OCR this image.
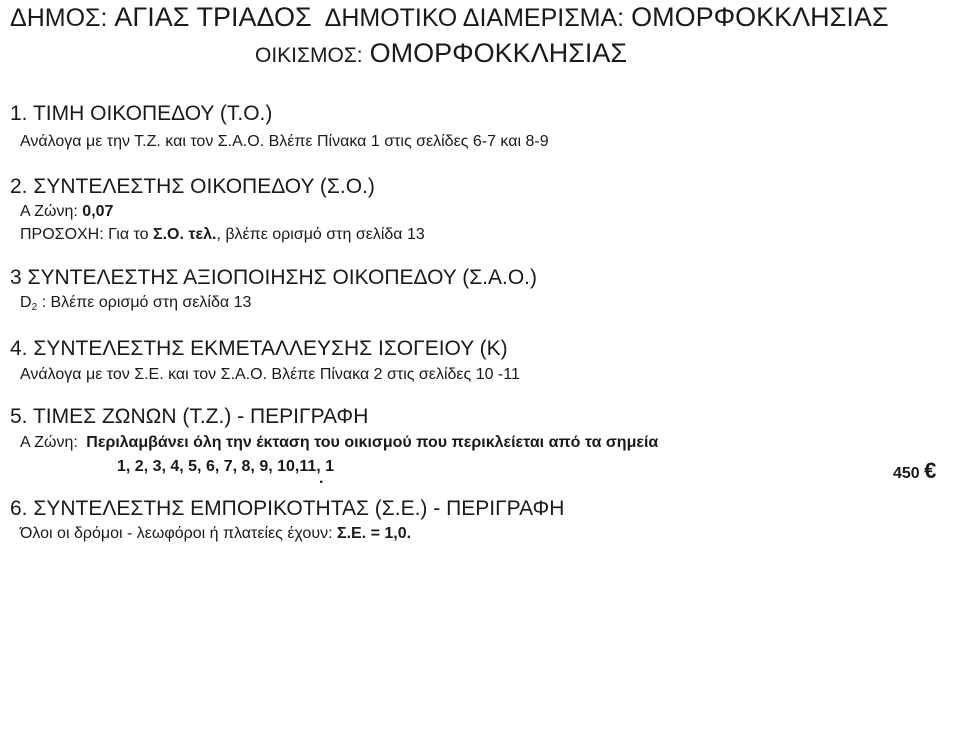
ΔΗΜΟΣ: ΑΓΙΑΣ ΤΡΙΑΔΟΣ ΔΗΜΟΤΙΚΟ ΔΙΑΜΕΡΙΣΜΑ: ΟΜΟΡΦΟΚΚΛΗΣΙΑΣ
ΟΙΚΙΣΜΟΣ: ΟΜΟΡΦΟΚΚΛΗΣΙΑΣ
1. ΤΙΜΗ ΟΙΚΟΠΕΔΟΥ (Τ.Ο.)
Ανάλογα με την Τ.Ζ. και τον Σ.Α.Ο. Βλέπε Πίνακα 1 στις σελίδες 6-7 και 8-9
2. ΣΥΝΤΕΛΕΣΤΗΣ ΟΙΚΟΠΕΔΟΥ (Σ.Ο.)
Α Ζώνη: 0,07
ΠΡΟΣΟΧΗ: Για το Σ.Ο. τελ., βλέπε ορισμό στη σελίδα 13
3 ΣΥΝΤΕΛΕΣΤΗΣ ΑΞΙΟΠΟΙΗΣΗΣ ΟΙΚΟΠΕΔΟΥ (Σ.Α.Ο.)
$D_2$ : Βλέπε ορισμό στη σελίδα 13
4. ΣΥΝΤΕΛΕΣΤΗΣ ΕΚΜΕΤΑΛΛΕΥΣΗΣ ΙΣΟΓΕΙΟΥ (Κ)
Ανάλογα με τον Σ.Ε. και τον Σ.Α.Ο. Βλέπε Πίνακα 2 στις σελίδες 10 -11
5. ΤΙΜΕΣ ΖΩΝΩΝ (Τ.Ζ.) - ΠΕΡΙΓΡΑΦΗ
Α Ζώνη: Περιλαμβάνει όλη την έκταση του οικισμού που περικλείεται από τα σημεία
1, 2, 3, 4, 5, 6, 7, 8, 9, 10,11, 1	450 €
.
6. ΣΥΝΤΕΛΕΣΤΗΣ ΕΜΠΟΡΙΚΟΤΗΤΑΣ (Σ.Ε.) - ΠΕΡΙΓΡΑΦΗ
Όλοι οι δρόμοι - λεωφόροι ή πλατείες έχουν: Σ.Ε. = 1,0.
